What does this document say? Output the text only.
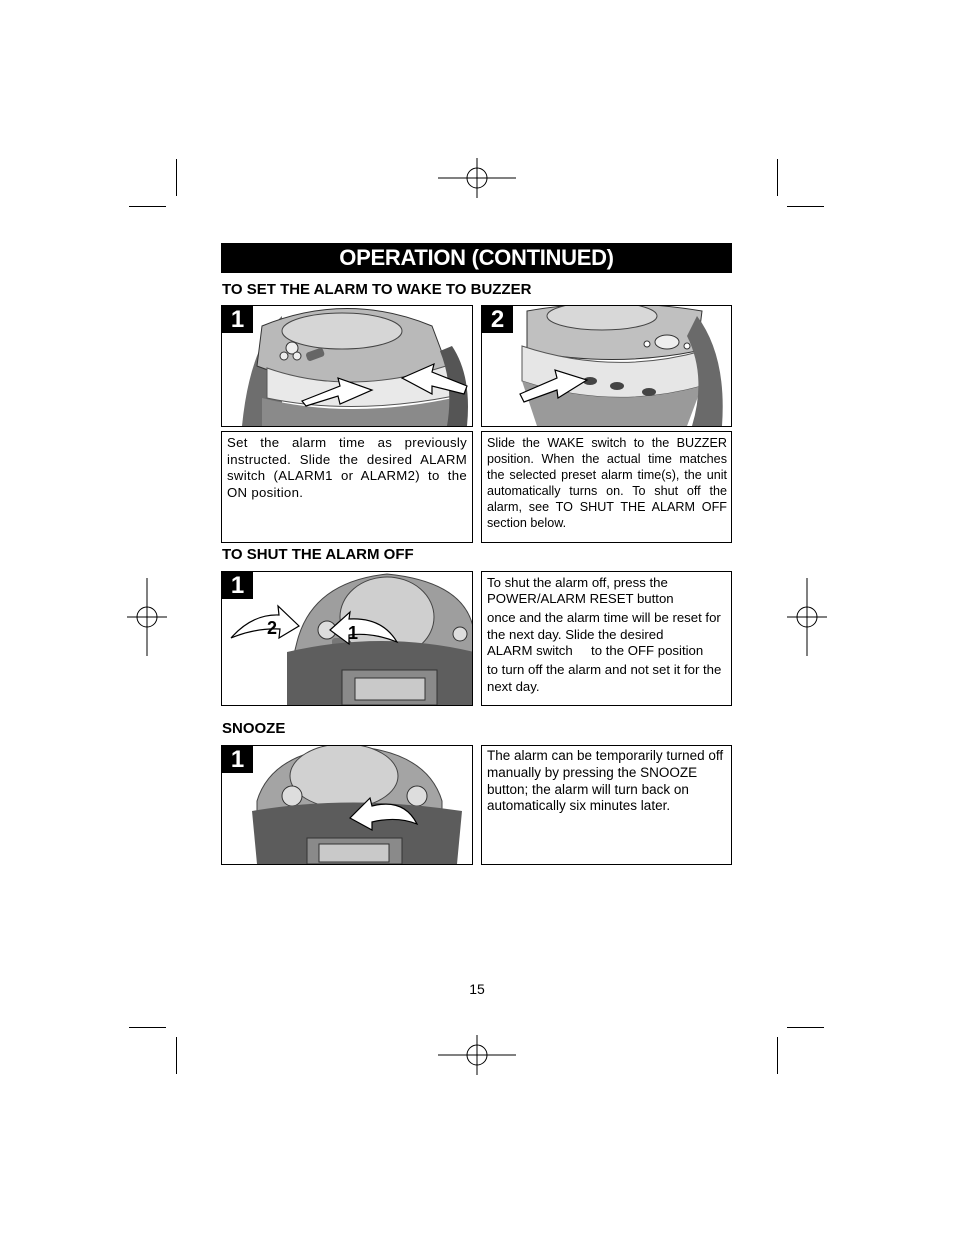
OPERATION (CONTINUED)
TO SET THE ALARM TO WAKE TO BUZZER
1	2
Set the alarm time as previously instructed. Slide the desired ALARM switch (ALARM1 or ALARM2) to the ON position.
Slide the WAKE switch to the BUZZER position. When the actual time matches the selected preset alarm time(s), the unit automatically turns on. To shut off the alarm, see TO SHUT THE ALARM OFF section below.
TO SHUT THE ALARM OFF
2	1
1	To shut the alarm off, press the
POWER/ALARM RESET button
once and the alarm time will be reset for the next day. Slide the desired
ALARM switch     to the OFF position
to turn off the alarm and not set it for the next day.
SNOOZE
1	The alarm can be temporarily turned off manually by pressing the SNOOZE button; the alarm will turn back on automatically six minutes later.
15
